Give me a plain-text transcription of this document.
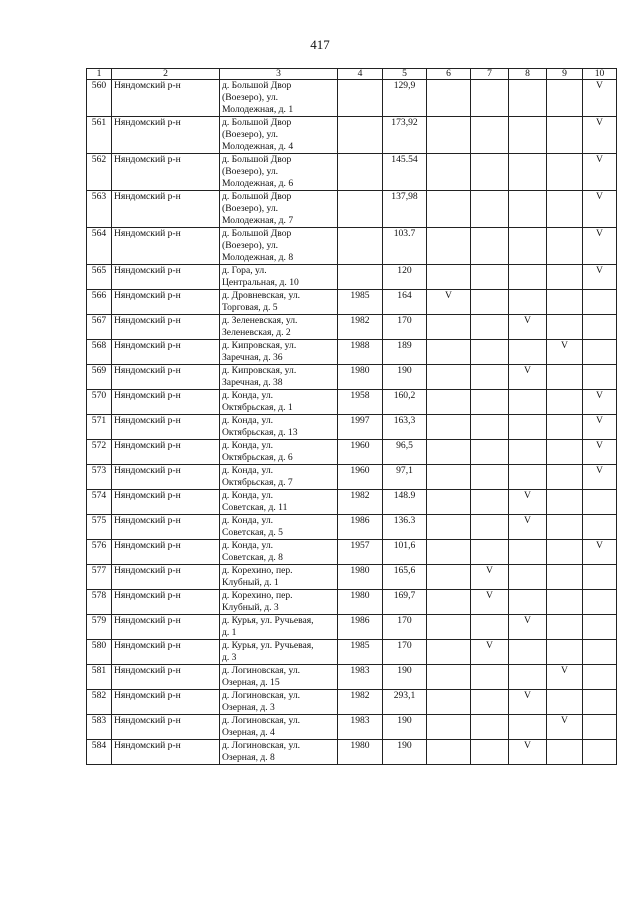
417
1	2	3	4	5	6	7	8	9	10
560	Няндомский р-н	д. Большой Двор
(Воезеро), ул.
Молодежная, д. 1		129,9					V
561	Няндомский р-н	д. Большой Двор
(Воезеро), ул.
Молодежная, д. 4		173,92					V
562	Няндомский р-н	д. Большой Двор
(Воезеро), ул.
Молодежная, д. 6		145.54					V
563	Няндомский р-н	д. Большой Двор
(Воезеро), ул.
Молодежная, д. 7		137,98					V
564	Няндомский р-н	д. Большой Двор
(Воезеро), ул.
Молодежная, д. 8		103.7					V
565	Няндомский р-н	д. Гора, ул.
Центральная, д. 10		120					V
566	Няндомский р-н	д. Дровневская, ул.
Торговая, д. 5	1985	164	V				
567	Няндомский р-н	д. Зеленевская, ул.
Зеленевская, д. 2	1982	170			V		
568	Няндомский р-н	д. Кипровская, ул.
Заречная, д. 36	1988	189				V	
569	Няндомский р-н	д. Кипровская, ул.
Заречная, д. 38	1980	190			V		
570	Няндомский р-н	д. Конда, ул.
Октябрьская, д. 1	1958	160,2					V
571	Няндомский р-н	д. Конда, ул.
Октябрьская, д. 13	1997	163,3					V
572	Няндомский р-н	д. Конда, ул.
Октябрьская, д. 6	1960	96,5					V
573	Няндомский р-н	д. Конда, ул.
Октябрьская, д. 7	1960	97,1					V
574	Няндомский р-н	д. Конда, ул.
Советская, д. 11	1982	148.9			V		
575	Няндомский р-н	д. Конда, ул.
Советская, д. 5	1986	136.3			V		
576	Няндомский р-н	д. Конда, ул.
Советская, д. 8	1957	101,6					V
577	Няндомский р-н	д. Корехино, пер.
Клубный, д. 1	1980	165,6		V			
578	Няндомский р-н	д. Корехино, пер.
Клубный, д. 3	1980	169,7		V			
579	Няндомский р-н	д. Курья, ул. Ручьевая,
д. 1	1986	170			V		
580	Няндомский р-н	д. Курья, ул. Ручьевая,
д. 3	1985	170		V			
581	Няндомский р-н	д. Логиновская, ул.
Озерная, д. 15	1983	190				V	
582	Няндомский р-н	д. Логиновская, ул.
Озерная, д. 3	1982	293,1			V		
583	Няндомский р-н	д. Логиновская, ул.
Озерная, д. 4	1983	190				V	
584	Няндомский р-н	д. Логиновская, ул.
Озерная, д. 8	1980	190			V		
